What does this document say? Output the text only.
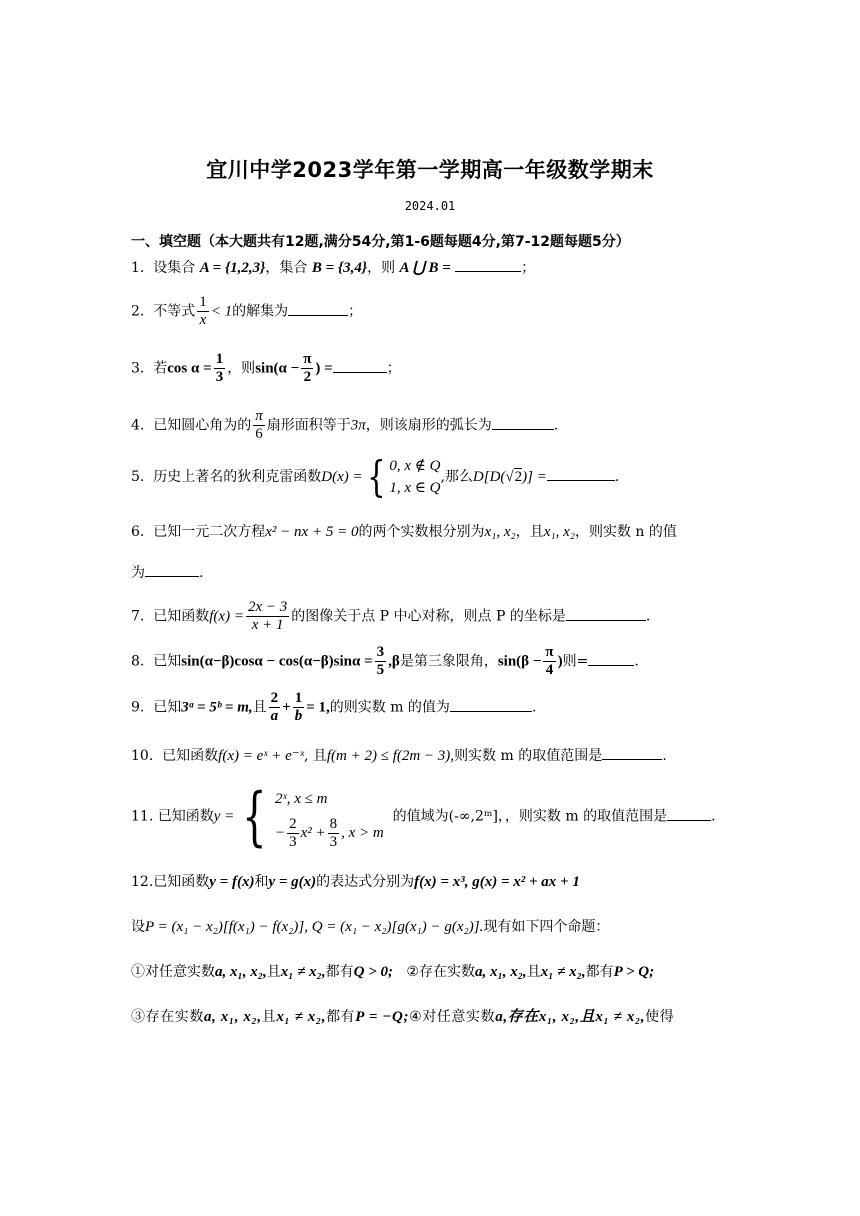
宜川中学2023学年第一学期高一年级数学期末
2024.01
一、填空题（本大题共有12题,满分54分,第1-6题每题4分,第7-12题每题5分）
1. 设集合 A = {1,2,3}，集合 B = {3,4}，则 A ⋃ B =	；
2. 不等式 $\frac{1}{x} < 1$的解集为	；
3. 若$\cos \alpha = \frac{1}{3}$ ，则$\sin(\alpha - \frac{\pi}{2}$ ) =	；
4. 已知圆心角为的 $\frac{\pi}{6}$ 扇形面积等于3π，则该扇形的弧长为	.
5. 历史上著名的狄利克雷函数D(x) = { 0, x ∉ Q
1, x ∈ Q
,那么D[D(√2)] =	.
6. 已知一元二次方程x² − nx + 5 = 0的两个实数根分别为x₁, x₂，且x₁, x₂，则实数 n 的值
为	.
7. 已知函数$f(x) = \frac{2x - 3}{x + 1}$ 的图像关于点 P 中心对称，则点 P 的坐标是	.
8. 已知$\sin(\alpha-\beta)\cos\alpha - \cos(\alpha-\beta)\sin\alpha = \frac{3}{5} ,\beta$是第三象限角，$\sin(\beta - \frac{\pi}{4}$ )则=	.
9. 已知3ᵃ = 5ᵇ = m,且 $\frac{2}{a} + \frac{1}{b} = 1$,的则实数 m 的值为	.
10. 已知函数f(x) = eˣ + e⁻ˣ, 且f(m + 2) ≤ f(2m − 3),则实数 m 的取值范围是	.
11. 已知函数y = { 2ˣ, x ≤ m
− $\frac{2}{3} x^2 + \frac{8}{3}$ , x > m
的值域为(-∞,2ᵐ]，，则实数 m 的取值范围是	.
12.已知函数y = f(x)和y = g(x)的表达式分别为f(x) = x³, g(x) = x² + ax + 1
设P = (x₁ − x₂)[f(x₁) − f(x₂)], Q = (x₁ − x₂)[g(x₁) − g(x₂)].现有如下四个命题：
①对任意实数a, x₁, x₂,且x₁ ≠ x₂,都有Q > 0; ②存在实数a, x₁, x₂,且x₁ ≠ x₂,都有P > Q;
③存在实数a, x₁, x₂,且x₁ ≠ x₂,都有P = −Q;④对任意实数a,存在x₁, x₂,且x₁ ≠ x₂,使得
